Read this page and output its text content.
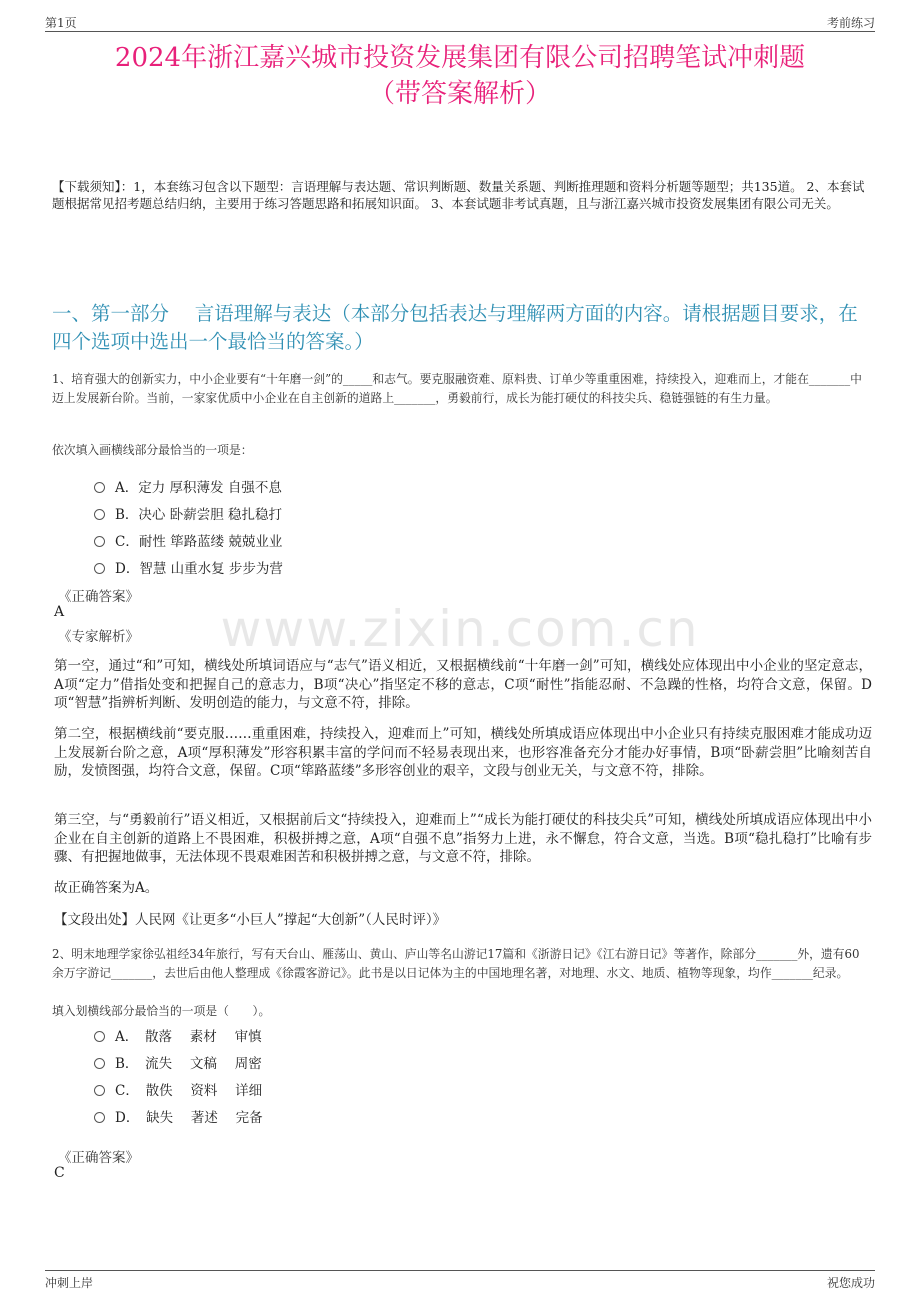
第1页	考前练习
2024年浙江嘉兴城市投资发展集团有限公司招聘笔试冲刺题
（带答案解析）
【下载须知】：1，本套练习包含以下题型：言语理解与表达题、常识判断题、数量关系题、判断推理题和资料分析题等题型；共135道。 2、本套试题根据常见招考题总结归纳，主要用于练习答题思路和拓展知识面。 3、本套试题非考试真题，且与浙江嘉兴城市投资发展集团有限公司无关。
一、第一部分　 言语理解与表达（本部分包括表达与理解两方面的内容。请根据题目要求，在四个选项中选出一个最恰当的答案。）
1、培育强大的创新实力，中小企业要有“十年磨一剑”的_____和志气。要克服融资难、原料贵、订单少等重重困难，持续投入，迎难而上，才能在_______中迈上发展新台阶。当前，一家家优质中小企业在自主创新的道路上_______，勇毅前行，成长为能打硬仗的科技尖兵、稳链强链的有生力量。
依次填入画横线部分最恰当的一项是：
A．定力 厚积薄发 自强不息
B．决心 卧薪尝胆 稳扎稳打
C．耐性 筚路蓝缕 兢兢业业
D．智慧 山重水复 步步为营
《正确答案》
A
《专家解析》	www.zixin.com.cn
第一空，通过“和”可知，横线处所填词语应与“志气”语义相近，又根据横线前“十年磨一剑”可知，横线处应体现出中小企业的坚定意志，A项“定力”借指处变和把握自己的意志力，B项“决心”指坚定不移的意志，C项“耐性”指能忍耐、不急躁的性格，均符合文意，保留。D项“智慧”指辨析判断、发明创造的能力，与文意不符，排除。
第二空，根据横线前“要克服……重重困难，持续投入，迎难而上”可知，横线处所填成语应体现出中小企业只有持续克服困难才能成功迈上发展新台阶之意，A项“厚积薄发”形容积累丰富的学问而不轻易表现出来，也形容准备充分才能办好事情，B项“卧薪尝胆”比喻刻苦自励，发愤图强，均符合文意，保留。C项“筚路蓝缕”多形容创业的艰辛，文段与创业无关，与文意不符，排除。
第三空，与“勇毅前行”语义相近，又根据前后文“持续投入，迎难而上”“成长为能打硬仗的科技尖兵”可知，横线处所填成语应体现出中小企业在自主创新的道路上不畏困难，积极拼搏之意，A项“自强不息”指努力上进，永不懈怠，符合文意，当选。B项“稳扎稳打”比喻有步骤、有把握地做事，无法体现不畏艰难困苦和积极拼搏之意，与文意不符，排除。
故正确答案为A。
【文段出处】人民网《让更多“小巨人”撑起“大创新”（人民时评）》
2、明末地理学家徐弘祖经34年旅行，写有天台山、雁荡山、黄山、庐山等名山游记17篇和《浙游日记》《江右游日记》等著作，除部分_______外，遗有60余万字游记_______，去世后由他人整理成《徐霞客游记》。此书是以日记体为主的中国地理名著，对地理、水文、地质、植物等现象，均作_______纪录。
填入划横线部分最恰当的一项是（　　）。
A．　散落　 素材　 审慎
B．　流失　 文稿　 周密
C．　散佚　 资料　 详细
D．　缺失　 著述　 完备
《正确答案》
C
冲刺上岸	祝您成功
